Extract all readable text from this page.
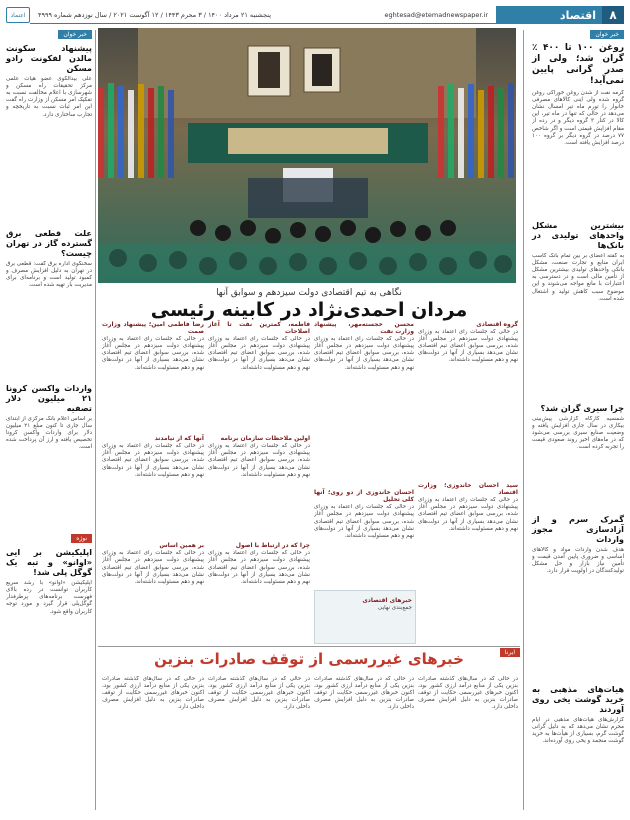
۸
اقتصاد
eghtesad@etemadnewspaper.ir
پنجشنبه ۲۱ مرداد ۱۴۰۰ / ۳ محرم ۱۴۴۳ / ۱۲ آگوست ۲۰۲۱ / سال نوزدهم شماره ۴۹۹۹
اعتماد
خبر خوان
روغن ۱۰۰ تا ۴۰۰ ٪ گران شد؛ ولی از صدر گرانی پایین نمی‌آید!
گرمه نفت از شدن روغن خوراکی روغن گروه شده ولی اینی کالاهای مصرفی خانوار را تورم ماه تیر امسال نشان می‌دهد در حالی که تنها در ماه تیر، این کالا در کنار ۳ گروه دیگر و در رده از مقام افزایش قیمتی است و اگر شاخص ۷۷ درصد در گروه دیگر بر گروه ۱۰۰ درصد افزایش یافته است.
بیشترین مشکل واحدهای تولیدی در بانک‌ها
به گفته اعضای بر بین تمام بانک کاسب ایران منابع و تجارت صنعت، مشکل بانکی واحدهای تولیدی بیشترین مشکل از تأمین مالی است و در دسترسی به اعتبارات با مانع مواجه می‌شوند و این موضوع سبب کاهش تولید و اشتغال شده است.
چرا سیری گران شد؟
شمسیه کارگاه گزارشی پیش‌بینی بیکاری در سال جاری افزایش یافته و وضعیت صنایع سیری بررسی می‌شود که در ماه‌های اخیر روند صعودی قیمت را تجربه کرده است.
گمرک سرم و از آزادسازی مجوز واردات
هدف شدن واردات مواد و کالاهای اساسی و ضروری پایین آمدن قیمت و تأمین نیاز بازار و حل مشکل تولیدکنندگان در اولویت قرار دارد.
هیات‌های مذهبی به خرید گوشت یخی روی آوردند
گزارش‌های هیأت‌های مذهبی در ایام محرم نشان می‌دهد که به دلیل گرانی گوشت گرم، بسیاری از هیأت‌ها به خرید گوشت منجمد و یخی روی آورده‌اند.
خبر خوان
پیشنهاد سکونت مالدن لفکونت رادو مسکن
علی بیدالکوی عضو هیات علمی مرکز تحقیقات راه مسکن و شهرسازی با اعلام مخالفت نسبت به تفکیک امر مسکن از وزارت راه گفت این امر ثبات نسبت به تاریخچه و تجارب ساختاری دارد.
علت قطعی برق گسترده گاز در تهران چیست؟
سخنگوی اداره برق گفت: قطعی برق در تهران به دلیل افزایش مصرف و کمبود تولید است و برنامه‌ای برای مدیریت بار تهیه شده است.
واردات واکسن کرونا ۲۱ میلیون دلار تصفیه
بر اساس اعلام بانک مرکزی از ابتدای سال جاری تا کنون مبلغ ۲۱ میلیون دلار برای واردات واکسن کرونا تخصیص یافته و ارز آن پرداخت شده است.
نوژه
اپلیکیشن بر ایی «اوانو» و تبه یک گوگل پلی شد!
اپلیکیشن «اوانو» با رشد سریع کاربران توانست در رده بالای فهرست برنامه‌های پرطرفدار گوگل‌پلی قرار گیرد و مورد توجه کاربران واقع شود.
نگاهی به تیم اقتصادی دولت سیزدهم و سوابق آنها
مردان احمدی‌نژاد در کابینه رئیسی
گروه اقتصادی
در حالی که جلسات رای اعتماد به وزرای پیشنهادی دولت سیزدهم در مجلس آغاز شده، بررسی سوابق اعضای تیم اقتصادی نشان می‌دهد بسیاری از آنها در دولت‌های نهم و دهم مسئولیت داشته‌اند.
سید احسان خاندوزی؛ وزارت اقتصاد
در حالی که جلسات رای اعتماد به وزرای پیشنهادی دولت سیزدهم در مجلس آغاز شده، بررسی سوابق اعضای تیم اقتصادی نشان می‌دهد بسیاری از آنها در دولت‌های نهم و دهم مسئولیت داشته‌اند.
محسن خجسته‌مهر، پیشنهاد وزارت نفت
در حالی که جلسات رای اعتماد به وزرای پیشنهادی دولت سیزدهم در مجلس آغاز شده، بررسی سوابق اعضای تیم اقتصادی نشان می‌دهد بسیاری از آنها در دولت‌های نهم و دهم مسئولیت داشته‌اند.
احسان خاندوزی از دو روی؛ آنها کلی تحلیل
در حالی که جلسات رای اعتماد به وزرای پیشنهادی دولت سیزدهم در مجلس آغاز شده، بررسی سوابق اعضای تیم اقتصادی نشان می‌دهد بسیاری از آنها در دولت‌های نهم و دهم مسئولیت داشته‌اند.
فاطمه، کمترین نفت تا آغاز اصلاحات
در حالی که جلسات رای اعتماد به وزرای پیشنهادی دولت سیزدهم در مجلس آغاز شده، بررسی سوابق اعضای تیم اقتصادی نشان می‌دهد بسیاری از آنها در دولت‌های نهم و دهم مسئولیت داشته‌اند.
اولین ملاحظات سازمان برنامه
در حالی که جلسات رای اعتماد به وزرای پیشنهادی دولت سیزدهم در مجلس آغاز شده، بررسی سوابق اعضای تیم اقتصادی نشان می‌دهد بسیاری از آنها در دولت‌های نهم و دهم مسئولیت داشته‌اند.
چرا که در ارتباط با اصول
در حالی که جلسات رای اعتماد به وزرای پیشنهادی دولت سیزدهم در مجلس آغاز شده، بررسی سوابق اعضای تیم اقتصادی نشان می‌دهد بسیاری از آنها در دولت‌های نهم و دهم مسئولیت داشته‌اند.
رضا فاطمی امین؛ پیشنهاد وزارت صمت
در حالی که جلسات رای اعتماد به وزرای پیشنهادی دولت سیزدهم در مجلس آغاز شده، بررسی سوابق اعضای تیم اقتصادی نشان می‌دهد بسیاری از آنها در دولت‌های نهم و دهم مسئولیت داشته‌اند.
آنها که از نیامدند
در حالی که جلسات رای اعتماد به وزرای پیشنهادی دولت سیزدهم در مجلس آغاز شده، بررسی سوابق اعضای تیم اقتصادی نشان می‌دهد بسیاری از آنها در دولت‌های نهم و دهم مسئولیت داشته‌اند.
بر همین اساس
در حالی که جلسات رای اعتماد به وزرای پیشنهادی دولت سیزدهم در مجلس آغاز شده، بررسی سوابق اعضای تیم اقتصادی نشان می‌دهد بسیاری از آنها در دولت‌های نهم و دهم مسئولیت داشته‌اند.
خبرهای اقتصادی
جمع‌بندی نهایی
ایرنا
خبرهای غیررسمی از توقف صادرات بنزین
در حالی که در سال‌های گذشته صادرات بنزین یکی از منابع درآمد ارزی کشور بود، اکنون خبرهای غیررسمی حکایت از توقف صادرات بنزین به دلیل افزایش مصرف داخلی دارد.
در حالی که در سال‌های گذشته صادرات بنزین یکی از منابع درآمد ارزی کشور بود، اکنون خبرهای غیررسمی حکایت از توقف صادرات بنزین به دلیل افزایش مصرف داخلی دارد.
در حالی که در سال‌های گذشته صادرات بنزین یکی از منابع درآمد ارزی کشور بود، اکنون خبرهای غیررسمی حکایت از توقف صادرات بنزین به دلیل افزایش مصرف داخلی دارد.
در حالی که در سال‌های گذشته صادرات بنزین یکی از منابع درآمد ارزی کشور بود، اکنون خبرهای غیررسمی حکایت از توقف صادرات بنزین به دلیل افزایش مصرف داخلی دارد.
